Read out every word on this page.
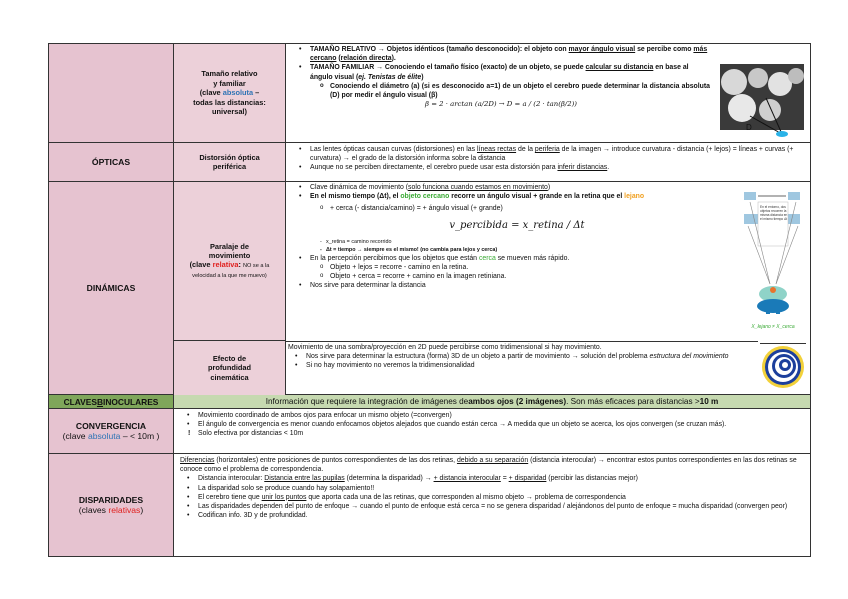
Tamaño relativo
y familiar
(clave absoluta –
todas las distancias:
universal)
• TAMAÑO RELATIVO → Objetos idénticos (tamaño desconocido): el objeto con mayor ángulo visual se percibe como más cercano (relación directa).
• TAMAÑO FAMILIAR → Conociendo el tamaño físico (exacto) de un objeto, se puede calcular su distancia en base al ángulo visual (ej. Tenistas de élite)
o Conociendo el diámetro (a) (si es desconocido a=1) de un objeto el cerebro puede determinar la distancia absoluta (D) por medir el ángulo visual (β)
β = 2 · arctan (a/2D) → D = a / (2 · tan(β/2))
D
ÓPTICAS	Distorsión óptica
periférica
• Las lentes ópticas causan curvas (distorsiones) en las líneas rectas de la periferia de la imagen → introduce curvatura - distancia (+ lejos) = líneas + curvas (+ curvatura) → el grado de la distorsión informa sobre la distancia
• Aunque no se perciben directamente, el cerebro puede usar esta distorsión para inferir distancias.
DINÁMICAS
Paralaje de
movimiento
(clave relativa: NO se a la velocidad a la que me muevo)
• Clave dinámica de movimiento (solo funciona cuando estamos en movimiento)
• En el mismo tiempo (Δt), el objeto cercano recorre un ángulo visual + grande en la retina que el lejano
o + cerca (- distancia/camino) = + ángulo visual (+ grande)
v_percibida = x_retina / Δt
- x_retina = camino recorrido
- Δt = tiempo → siempre es el mismo! (no cambia para lejos y cerca)
• En la percepción percibimos que los objetos que están cerca se mueven más rápido.
o Objeto + lejos = recorre - camino en la retina.
o Objeto + cerca = recorre + camino en la imagen retiniana.
• Nos sirve para determinar la distancia
En el entorno, dos objetos recorren la misma distancia en el mismo tiempo Δt
X_lejano ≠ X_cerca
Efecto de
profundidad
cinemática
Movimiento de una sombra/proyección en 2D puede percibirse como tridimensional si hay movimiento.
• Nos sirve para determinar la estructura (forma) 3D de un objeto a partir de movimiento → solución del problema estructura del movimiento
• Si no hay movimiento no veremos la tridimensionalidad
CLAVES B INOCULARES	Información que requiere la integración de imágenes de ambos ojos (2 imágenes) . Son más eficaces para distancias > 10 m
CONVERGENCIA
(clave absoluta – < 10m )
• Movimiento coordinado de ambos ojos para enfocar un mismo objeto (=convergen)
• El ángulo de convergencia es menor cuando enfocamos objetos alejados que cuando están cerca → A medida que un objeto se acerca, los ojos convergen (se cruzan más).
! Solo efectiva por distancias < 10m
DISPARIDADES
(claves relativas)
Diferencias (horizontales) entre posiciones de puntos correspondientes de las dos retinas, debido a su separación (distancia interocular) → encontrar estos puntos correspondientes en las dos retinas se conoce como el problema de correspondencia.
• Distancia interocular: Distancia entre las pupilas (determina la disparidad) → + distancia interocular = + disparidad (percibir las distancias mejor)
• La disparidad solo se produce cuando hay solapamiento!!
• El cerebro tiene que unir los puntos que aporta cada una de las retinas, que corresponden al mismo objeto → problema de correspondencia
• Las disparidades dependen del punto de enfoque → cuando el punto de enfoque está cerca = no se genera disparidad / alejándonos del punto de enfoque = mucha disparidad (convergen peor)
• Codifican info. 3D y de profundidad.
